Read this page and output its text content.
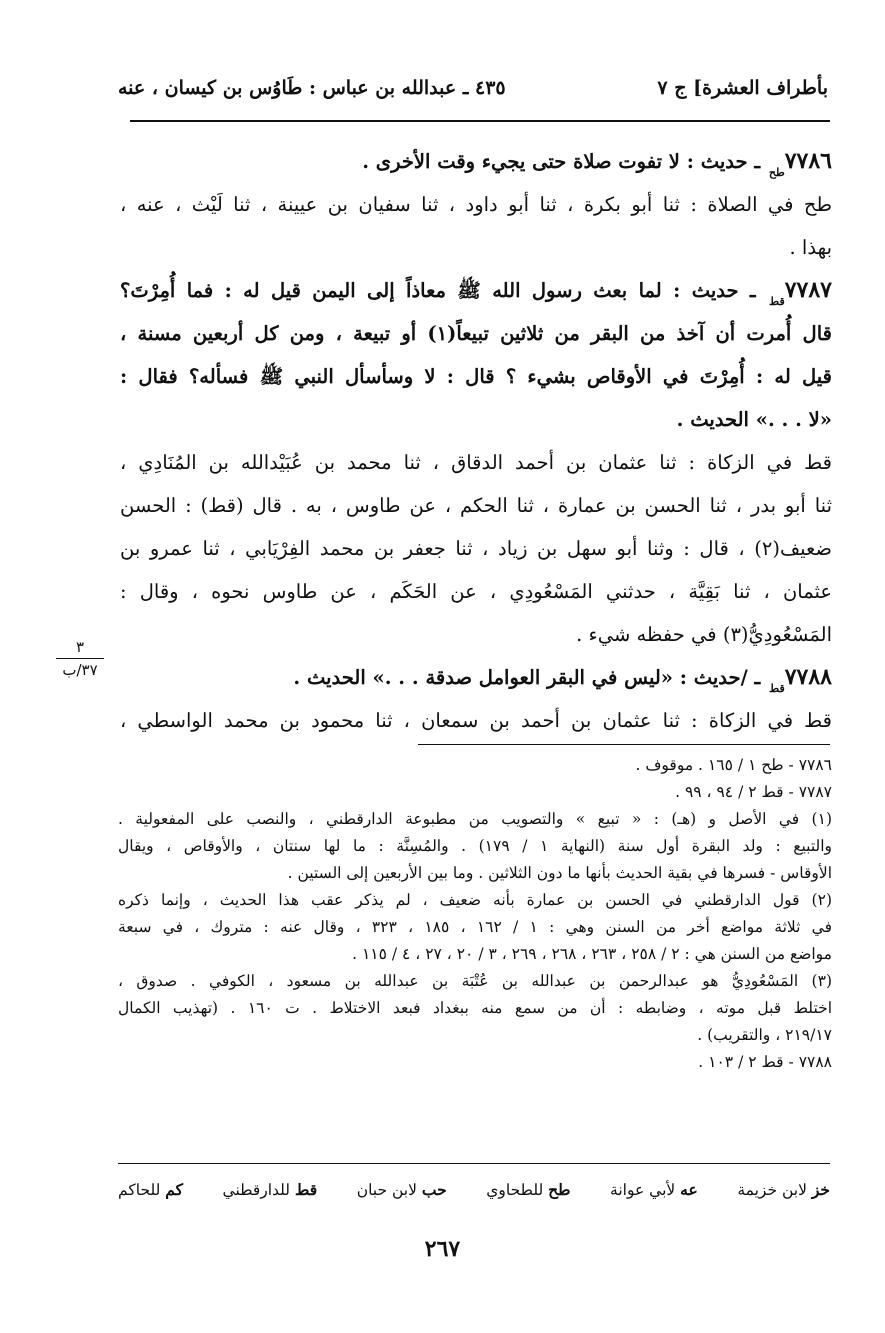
بأطراف العشرة] ج ٧
٤٣٥ ـ عبدالله بن عباس : طَاوُس بن كيسان ، عنه
$٧٧٨٦_{طح}$ ـ حديث : لا تفوت صلاة حتى يجيء وقت الأخرى .
طح في الصلاة : ثنا أبو بكرة ، ثنا أبو داود ، ثنا سفيان بن عيينة ، ثنا لَيْث ، عنه ،
بهذا .
$٧٧٨٧_{قط}$ ـ حديث : لما بعث رسول الله ﷺ معاذاً إلى اليمن قيل له : فما أُمِرْتَ؟
قال أُمرت أن آخذ من البقر من ثلاثين تبيعاً(١) أو تبيعة ، ومن كل أربعين مسنة ،
قيل له : أُمِرْتَ في الأوقاص بشيء ؟ قال : لا وسأسأل النبي ﷺ فسأله؟ فقال :
«لا . . .» الحديث .
قط في الزكاة : ثنا عثمان بن أحمد الدقاق ، ثنا محمد بن عُبَيْدالله بن المُنَادِي ،
ثنا أبو بدر ، ثنا الحسن بن عمارة ، ثنا الحكم ، عن طاوس ، به . قال (قط) : الحسن
ضعيف(٢) ، قال : وثنا أبو سهل بن زياد ، ثنا جعفر بن محمد الفِرْيَابي ، ثنا عمرو بن
عثمان ، ثنا بَقِيَّة ، حدثني المَسْعُودِي ، عن الحَكَم ، عن طاوس نحوه ، وقال :
المَسْعُودِيُّ(٣) في حفظه شيء .
$٧٧٨٨_{قط}$ ـ /حديث : «ليس في البقر العوامل صدقة . . .» الحديث .
قط في الزكاة : ثنا عثمان بن أحمد بن سمعان ، ثنا محمود بن محمد الواسطي ،
٣
٣٧/ب
٧٧٨٦ - طح ١ / ١٦٥ . موقوف .
٧٧٨٧ - قط ٢ / ٩٤ ، ٩٩ .
(١) في الأصل و (هـ) : « تبيع » والتصويب من مطبوعة الدارقطني ، والنصب على المفعولية .
والتبيع : ولد البقرة أول سنة (النهاية ١ / ١٧٩) . والمُسِنَّة : ما لها سنتان ، والأوقاص ، ويقال
الأوقاس - فسرها في بقية الحديث بأنها ما دون الثلاثين . وما بين الأربعين إلى الستين .
(٢) قول الدارقطني في الحسن بن عمارة بأنه ضعيف ، لم يذكر عقب هذا الحديث ، وإنما ذكره
في ثلاثة مواضع أخر من السنن وهي : ١ / ١٦٢ ، ١٨٥ ، ٣٢٣ ، وقال عنه : متروك ، في سبعة
مواضع من السنن هي : ٢ / ٢٥٨ ، ٢٦٣ ، ٢٦٨ ، ٢٦٩ ، ٣ / ٢٠ ، ٢٧ ، ٤ / ١١٥ .
(٣) المَسْعُودِيُّ هو عبدالرحمن بن عبدالله بن عُتْبَة بن عبدالله بن مسعود ، الكوفي . صدوق ،
اختلط قبل موته ، وضابطه : أن من سمع منه ببغداد فبعد الاختلاط . ت ١٦٠ . (تهذيب الكمال
٢١٩/١٧ ، والتقريب) .
٧٧٨٨ - قط ٢ / ١٠٣ .
خز لابن خزيمة
عه لأبي عوانة
طح للطحاوي
حب لابن حبان
قط للدارقطني
كم للحاكم
٢٦٧
